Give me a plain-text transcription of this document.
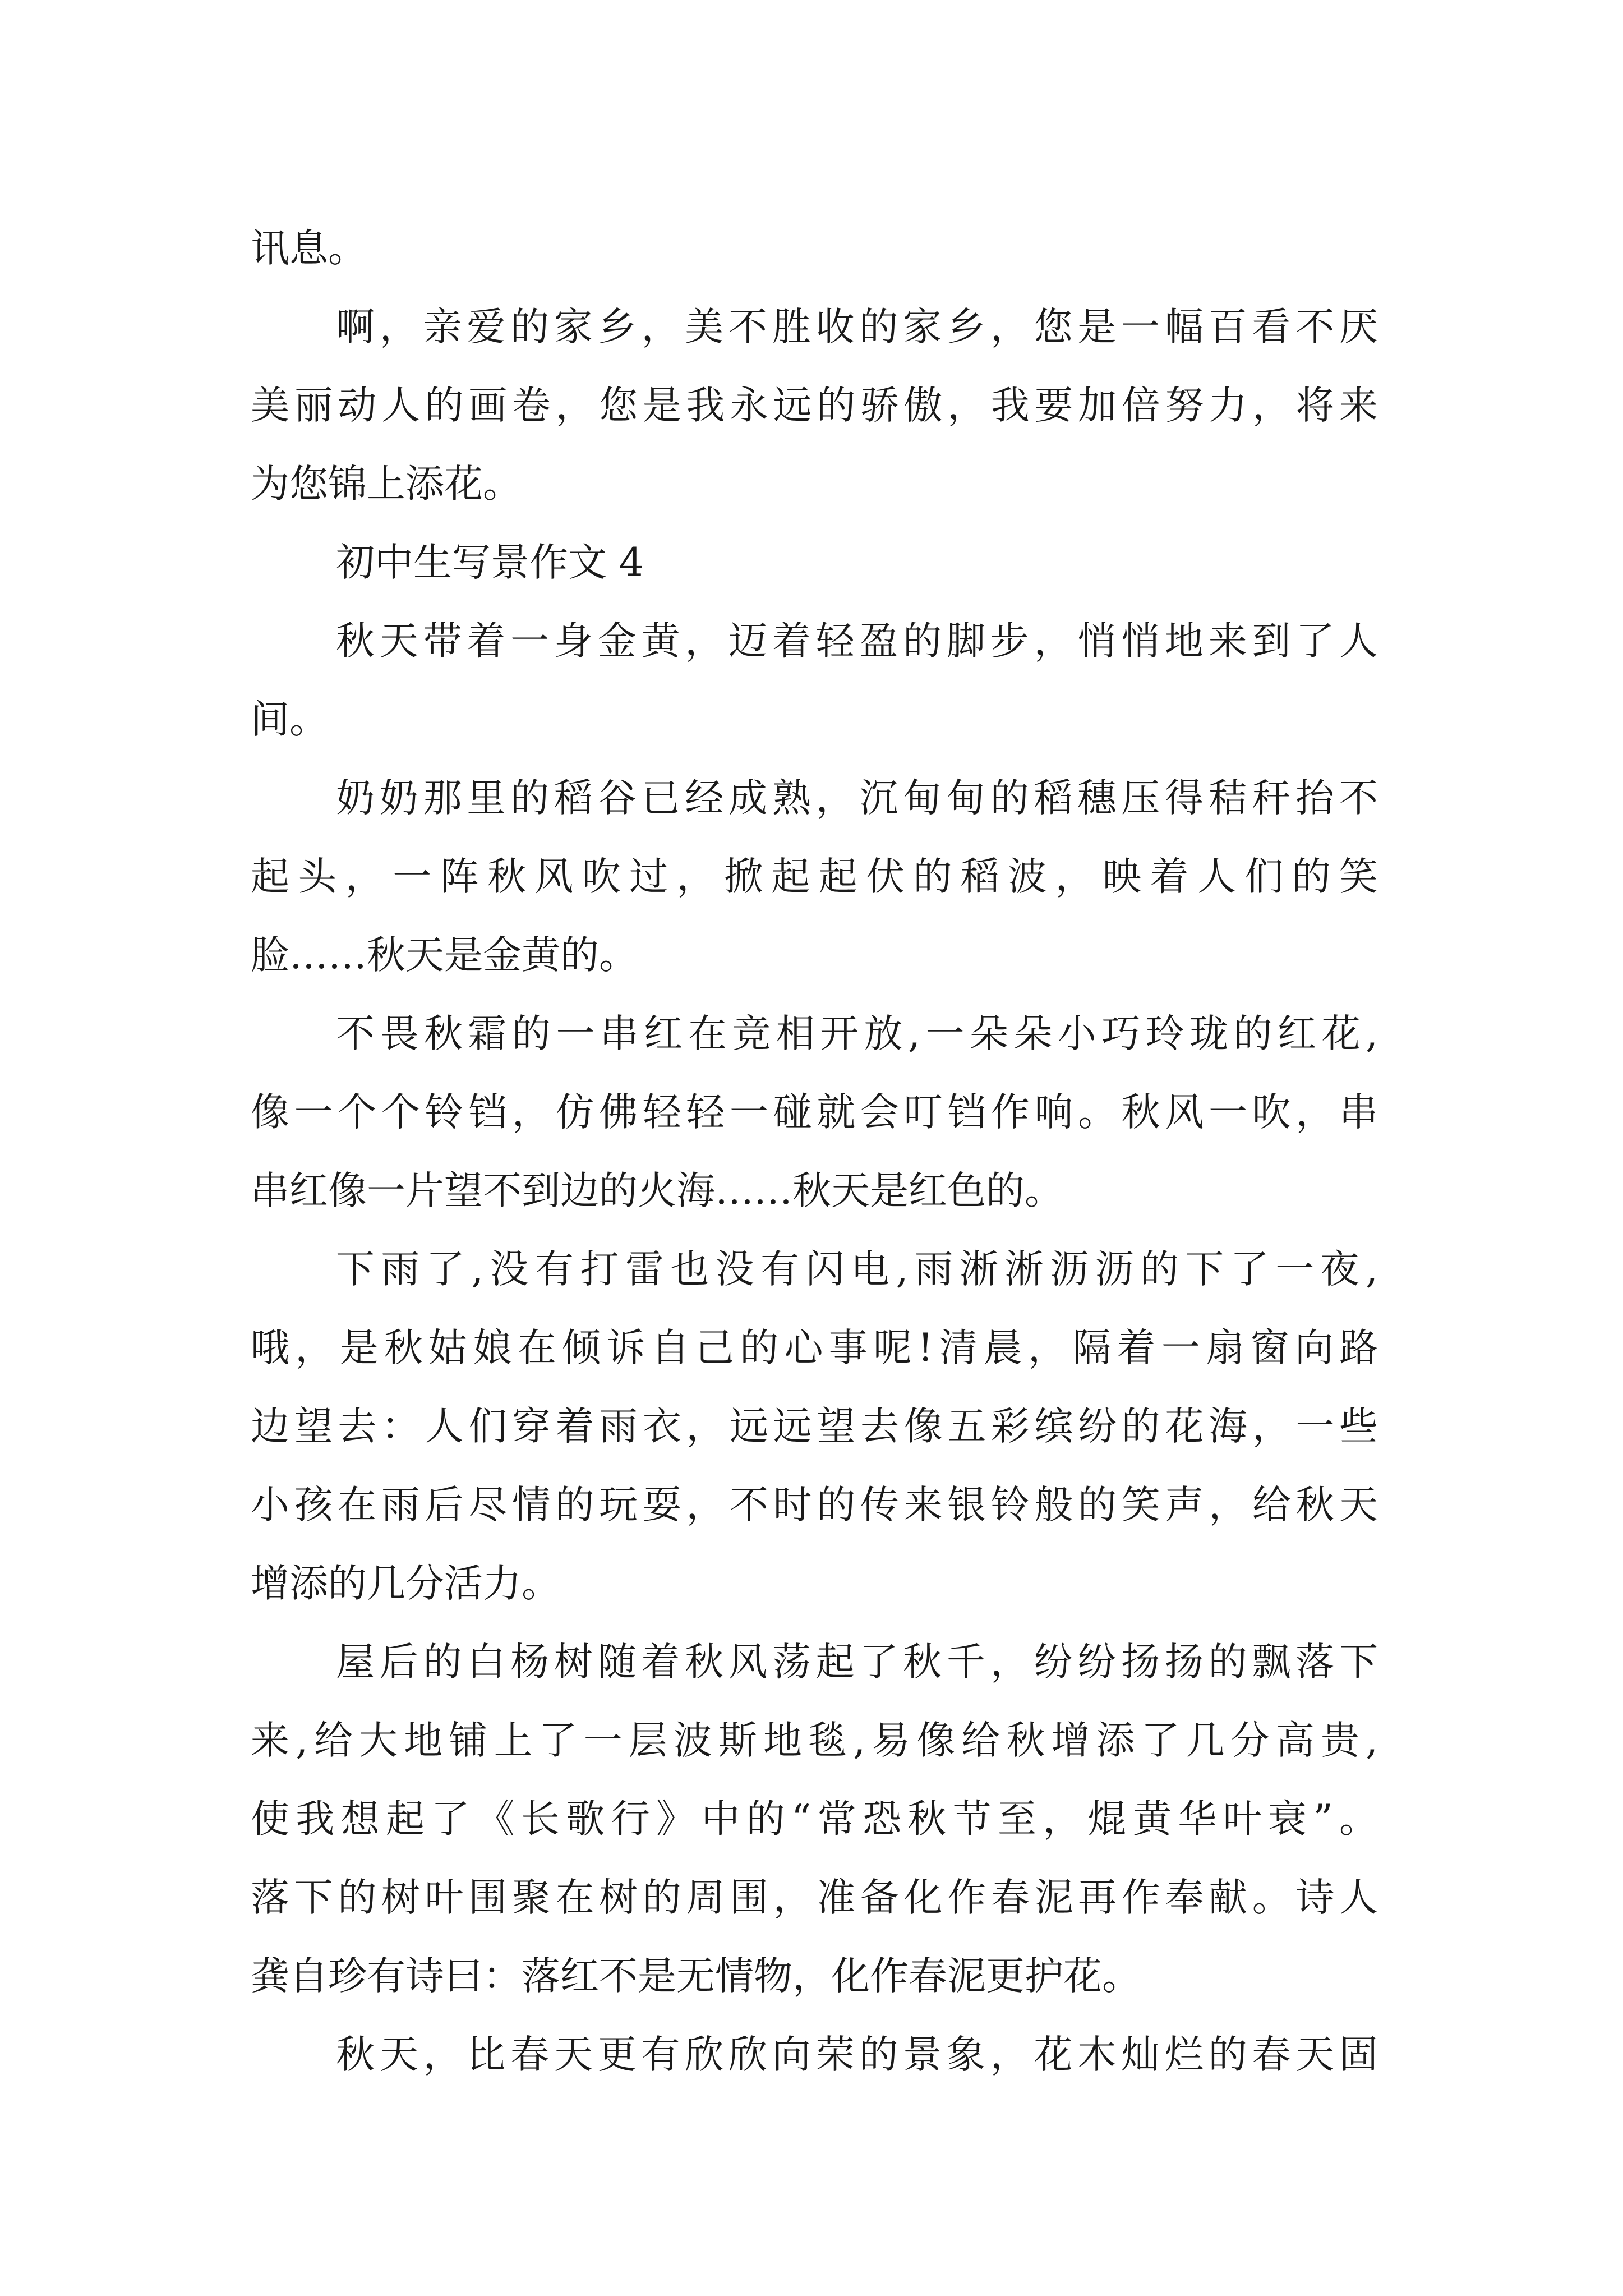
讯息。
啊，亲爱的家乡，美不胜收的家乡，您是一幅百看不厌
美丽动人的画卷，您是我永远的骄傲，我要加倍努力，将来
为您锦上添花。
初中生写景作文 4
秋天带着一身金黄，迈着轻盈的脚步，悄悄地来到了人
间。
奶奶那里的稻谷已经成熟，沉甸甸的稻穗压得秸秆抬不
起头，一阵秋风吹过，掀起起伏的稻波，映着人们的笑
脸……秋天是金黄的。
不畏秋霜的一串红在竞相开放,一朵朵小巧玲珑的红花,
像一个个铃铛，仿佛轻轻一碰就会叮铛作响。秋风一吹，串
串红像一片望不到边的火海……秋天是红色的。
下雨了,没有打雷也没有闪电,雨淅淅沥沥的下了一夜,
哦，是秋姑娘在倾诉自己的心事呢!清晨，隔着一扇窗向路
边望去：人们穿着雨衣，远远望去像五彩缤纷的花海，一些
小孩在雨后尽情的玩耍，不时的传来银铃般的笑声，给秋天
增添的几分活力。
屋后的白杨树随着秋风荡起了秋千，纷纷扬扬的飘落下
来,给大地铺上了一层波斯地毯,易像给秋增添了几分高贵,
使我想起了《长歌行》中的“常恐秋节至，焜黄华叶衰”。
落下的树叶围聚在树的周围，准备化作春泥再作奉献。诗人
龚自珍有诗曰：落红不是无情物，化作春泥更护花。
秋天，比春天更有欣欣向荣的景象，花木灿烂的春天固
